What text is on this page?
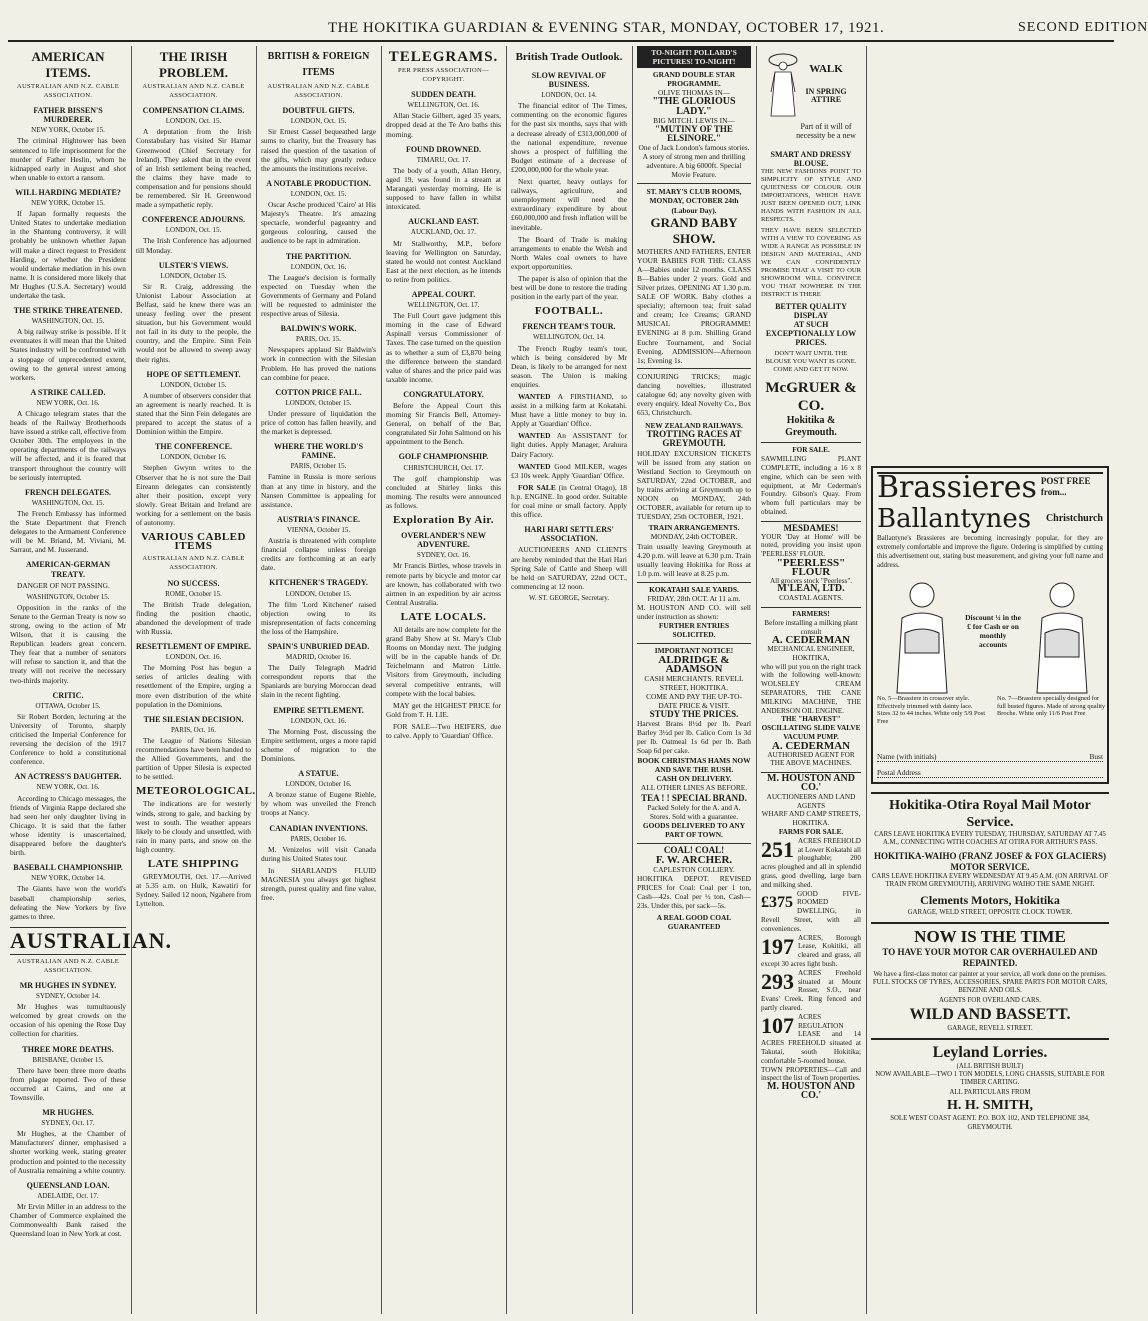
THE HOKITIKA GUARDIAN & EVENING STAR, MONDAY, OCTOBER 17, 1921.	SECOND EDITION
AMERICAN ITEMS.
AUSTRALIAN AND N.Z. CABLE ASSOCIATION.
FATHER BISSEN'S MURDERER.
NEW YORK, October 15.

The criminal Hightower has been sentenced to life imprisonment for the murder of Father Heslin, whom he kidnapped early in August and shot when unable to extort a ransom.

WILL HARDING MEDIATE?
NEW YORK, October 15.

If Japan formally requests the United States to undertake mediation in the Shantung controversy, it will probably be unknown whether Japan will make a direct request to President Harding, or whether the President would undertake mediation in his own name. It is considered more likely that Mr Hughes (U.S.A. Secretary) would undertake the task.

THE STRIKE THREATENED.
WASHINGTON, Oct. 15.

A big railway strike is possible. If it eventuates it will mean that the United States industry will be confronted with a stoppage of unprecedented extent, owing to the general unrest among workers.

A STRIKE CALLED.
NEW YORK, Oct. 16.

A Chicago telegram states that the heads of the Railway Brotherhoods have issued a strike call, effective from October 30th. The employees in the operating departments of the railways will be affected, and it is feared that transport throughout the country will be seriously interrupted.

FRENCH DELEGATES.
WASHINGTON, Oct. 15.

The French Embassy has informed the State Department that French delegates to the Armament Conference will be M. Briand, M. Viviani, M. Sarraut, and M. Jusserand.

AMERICAN-GERMAN TREATY.

DANGER OF NOT PASSING.

WASHINGTON, October 15.

Opposition in the ranks of the Senate to the German Treaty is now so strong, owing to the action of Mr Wilson, that it is causing the Republican leaders great concern. They fear that a number of senators will refuse to sanction it, and that the treaty will not receive the necessary two-thirds majority.

CRITIC.
OTTAWA, October 15.

Sir Robert Borden, lecturing at the University of Toronto, sharply criticised the Imperial Conference for reversing the decision of the 1917 Conference to hold a constitutional conference.

AN ACTRESS'S DAUGHTER.
NEW YORK, Oct. 16.

According to Chicago messages, the friends of Virginia Rappe declared she had seen her only daughter living in Chicago. It is said that the father whose identity is unascertained, disappeared before the daughter's birth.

BASEBALL CHAMPIONSHIP.
NEW YORK, October 14.

The Giants have won the world's baseball championship series, defeating the New Yorkers by five games to three.

AUSTRALIAN.
AUSTRALIAN AND N.Z. CABLE ASSOCIATION.
MR HUGHES IN SYDNEY.
SYDNEY, October 14.

Mr Hughes was tumultuously welcomed by great crowds on the occasion of his opening the Rose Day collection for charities.

THREE MORE DEATHS.
BRISBANE, October 15.

There have been three more deaths from plague reported. Two of these occurred at Cairns, and one at Townsville.

MR HUGHES.
SYDNEY, Oct. 17.

Mr Hughes, at the Chamber of Manufacturers' dinner, emphasised a shorter working week, stating greater production and pointed to the necessity of Australia remaining a white country.

QUEENSLAND LOAN.
ADELAIDE, Oct. 17.

Mr Ervin Miller in an address to the Chamber of Commerce explained the Commonwealth Bank raised the Queensland loan in New York at cost.

THE IRISH PROBLEM.
AUSTRALIAN AND N.Z. CABLE ASSOCIATION.
COMPENSATION CLAIMS.
LONDON, Oct. 15.

A deputation from the Irish Constabulary has visited Sir Hamar Greenwood (Chief Secretary for Ireland). They asked that in the event of an Irish settlement being reached, the claims they have made to compensation and for pensions should be remembered. Sir H. Greenwood made a sympathetic reply.

CONFERENCE ADJOURNS.
LONDON, Oct. 15.

The Irish Conference has adjourned till Monday.

ULSTER'S VIEWS.
LONDON, October 15.

Sir R. Craig, addressing the Unionist Labour Association at Belfast, said he knew there was an uneasy feeling over the present situation, but his Government would not fail in its duty to the people, the country, and the Empire. Sinn Fein would not be allowed to sweep away their rights.

HOPE OF SETTLEMENT.
LONDON, October 15.

A number of observers consider that an agreement is nearly reached. It is stated that the Sinn Fein delegates are prepared to accept the status of a Dominion within the Empire.

THE CONFERENCE.
LONDON, October 16.

Stephen Gwynn writes to the Observer that he is not sure the Dail Eireann delegates can consistently alter their position, except very slowly. Great Britain and Ireland are working for a settlement on the basis of autonomy.

VARIOUS CABLED ITEMS
AUSTRALIAN AND N.Z. CABLE ASSOCIATION.
NO SUCCESS.
ROME, October 15.

The British Trade delegation, finding the position chaotic, abandoned the development of trade with Russia.

RESETTLEMENT OF EMPIRE.
LONDON, Oct. 16.

The Morning Post has begun a series of articles dealing with resettlement of the Empire, urging a more even distribution of the white population in the Dominions.

THE SILESIAN DECISION.
PARIS, Oct. 16.

The League of Nations Silesian recommendations have been handed to the Allied Governments, and the partition of Upper Silesia is expected to be settled.

METEOROLOGICAL.

The indications are for westerly winds, strong to gale, and backing by west to south. The weather appears likely to be cloudy and unsettled, with rain in many parts, and snow on the high country.

LATE SHIPPING

GREYMOUTH, Oct. 17.—Arrived at 5.35 a.m. on Hulk, Kawatiri for Sydney. Sailed 12 noon, Ngahere from Lyttelton.

BRITISH & FOREIGN ITEMS
AUSTRALIAN AND N.Z. CABLE ASSOCIATION.
DOUBTFUL GIFTS.
LONDON, Oct. 15.

Sir Ernest Cassel bequeathed large sums to charity, but the Treasury has raised the question of the taxation of the gifts, which may greatly reduce the amounts the institutions receive.

A NOTABLE PRODUCTION.
LONDON, Oct. 15.

Oscar Asche produced 'Cairo' at His Majesty's Theatre. It's amazing spectacle, wonderful pageantry and gorgeous colouring, caused the audience to be rapt in admiration.

THE PARTITION.
LONDON, Oct. 16.

The League's decision is formally expected on Tuesday when the Governments of Germany and Poland will be requested to administer the respective areas of Silesia.

BALDWIN'S WORK.
PARIS, Oct. 15.

Newspapers applaud Sir Baldwin's work in connection with the Silesian Problem. He has proved the nations can combine for peace.

COTTON PRICE FALL.
LONDON, October 15.

Under pressure of liquidation the price of cotton has fallen heavily, and the market is depressed.

WHERE THE WORLD'S FAMINE.
PARIS, October 15.

Famine in Russia is more serious than at any time in history, and the Nansen Committee is appealing for assistance.

AUSTRIA'S FINANCE.
VIENNA, October 15.

Austria is threatened with complete financial collapse unless foreign credits are forthcoming at an early date.

KITCHENER'S TRAGEDY.
LONDON, October 15.

The film 'Lord Kitchener' raised objection owing to its misrepresentation of facts concerning the loss of the Hampshire.

SPAIN'S UNBURIED DEAD.
MADRID, October 16.

The Daily Telegraph Madrid correspondent reports that the Spaniards are burying Moroccan dead slain in the recent fighting.

EMPIRE SETTLEMENT.
LONDON, Oct. 16.

The Morning Post, discussing the Empire settlement, urges a more rapid scheme of migration to the Dominions.

A STATUE.
LONDON, October 16.

A bronze statue of Eugene Riehle, by whom was unveiled the French troops at Nancy.

CANADIAN INVENTIONS.
PARIS, October 16.

M. Venizelos will visit Canada during his United States tour.

In SHARLAND'S FLUID MAGNESIA you always get highest strength, purest quality and fine value, free.

TELEGRAMS.
PER PRESS ASSOCIATION—COPYRIGHT.
SUDDEN DEATH.
WELLINGTON, Oct. 16.

Allan Stacie Gilbert, aged 35 years, dropped dead at the Te Aro baths this morning.

FOUND DROWNED.
TIMARU, Oct. 17.

The body of a youth, Allan Henry, aged 19, was found in a stream at Marangati yesterday morning. He is supposed to have fallen in whilst intoxicated.

AUCKLAND EAST.
AUCKLAND, Oct. 17.

Mr Stallworthy, M.P., before leaving for Wellington on Saturday, stated he would not contest Auckland East at the next election, as he intends to retire from politics.

APPEAL COURT.
WELLINGTON, Oct. 17.

The Full Court gave judgment this morning in the case of Edward Aspinall versus Commissioner of Taxes. The case turned on the question as to whether a sum of £3,870 being the difference between the standard value of shares and the price paid was taxable income.

CONGRATULATORY.

Before the Appeal Court this morning Sir Francis Bell, Attorney-General, on behalf of the Bar, congratulated Sir John Salmond on his appointment to the Bench.

GOLF CHAMPIONSHIP.
CHRISTCHURCH, Oct. 17.

The golf championship was concluded at Shirley links this morning. The results were announced as follows.

Exploration By Air.
OVERLANDER'S NEW ADVENTURE.
SYDNEY, Oct. 16.

Mr Francis Birtles, whose travels in remote parts by bicycle and motor car are known, has collaborated with two airmen in an expedition by air across Central Australia.

LATE LOCALS.

All details are now complete for the grand Baby Show at St. Mary's Club Rooms on Monday next. The judging will be in the capable hands of Dr. Teichelmann and Matron Little. Visitors from Greymouth, including several competitive entrants, will compete with the local babies.

MAY get the HIGHEST PRICE for Gold from T. H. LIE.

FOR SALE—Two HEIFERS, due to calve. Apply to 'Guardian' Office.

British Trade Outlook.
SLOW REVIVAL OF BUSINESS.
LONDON, Oct. 14.

The financial editor of The Times, commenting on the economic figures for the past six months, says that with a decrease already of £313,000,000 of the national expenditure, revenue shows a prospect of fulfilling the Budget estimate of a decrease of £200,000,000 for the whole year.

Next quarter, heavy outlays for railways, agriculture, and unemployment will need the extraordinary expenditure by about £60,000,000 and fresh inflation will be inevitable.

The Board of Trade is making arrangements to enable the Welsh and North Wales coal owners to have export opportunities.

The paper is also of opinion that the best will be done to restore the trading position in the early part of the year.

FOOTBALL.
FRENCH TEAM'S TOUR.
WELLINGTON, Oct. 14.

The French Rugby team's tour, which is being considered by Mr Dean, is likely to be arranged for next season. The Union is making enquiries.

WANTED A FIRSTHAND, to assist in a milking farm at Kokatahi. Must have a little money to buy in. Apply at 'Guardian' Office.

WANTED An ASSISTANT for light duties. Apply Manager, Arahura Dairy Factory.

WANTED Good MILKER, wages £3 10s week. Apply 'Guardian' Office.

FOR SALE (in Central Otago), 18 h.p. ENGINE. In good order. Suitable for coal mine or small factory. Apply this office.

HARI HARI SETTLERS' ASSOCIATION.

AUCTIONEERS AND CLIENTS are hereby reminded that the Hari Hari Spring Sale of Cattle and Sheep will be held on SATURDAY, 22nd OCT., commencing at 12 noon.

W. ST. GEORGE, Secretary.
TO-NIGHT! POLLARD'S PICTURES! TO-NIGHT!
GRAND DOUBLE STAR PROGRAMME.
OLIVE THOMAS IN—
"THE GLORIOUS LADY."
BIG MITCH. LEWIS IN—
"MUTINY OF THE ELSINORE."
One of Jack London's famous stories. A story of strong men and thrilling adventure. A big 6000ft. Special Movie Feature.
ST. MARY'S CLUB ROOMS, MONDAY, OCTOBER 24th (Labour Day).
GRAND BABY SHOW.
MOTHERS AND FATHERS, ENTER YOUR BABIES FOR THE: CLASS A—Babies under 12 months. CLASS B—Babies under 2 years. Gold and Silver prizes. OPENING AT 1.30 p.m. SALE OF WORK. Baby clothes a specialty; afternoon tea; fruit salad and cream; Ice Creams; GRAND MUSICAL PROGRAMME! EVENING at 8 p.m. Shilling Grand Euchre Tournament, and Social Evening. ADMISSION—Afternoon 1s; Evening 1s.
CONJURING TRICKS; magic dancing novelties, illustrated catalogue 6d; any novelty given with every enquiry. Ideal Novelty Co., Box 653, Christchurch.
NEW ZEALAND RAILWAYS.
TROTTING RACES AT GREYMOUTH.
HOLIDAY EXCURSION TICKETS will be issued from any station on Westland Section to Greymouth on SATURDAY, 22nd OCTOBER, and by trains arriving at Greymouth up to NOON on MONDAY, 24th OCTOBER, available for return up to TUESDAY, 25th OCTOBER, 1921.
TRAIN ARRANGEMENTS.
MONDAY, 24th OCTOBER.
Train usually leaving Greymouth at 4.20 p.m. will leave at 6.30 p.m. Train usually leaving Hokitika for Ross at 1.0 p.m. will leave at 8.25 p.m.
KOKATAHI SALE YARDS.
FRIDAY, 28th OCT. At 11 a.m.
M. HOUSTON AND CO. will sell under instruction as shown:
FURTHER ENTRIES SOLICITED.
IMPORTANT NOTICE!
ALDRIDGE & ADAMSON
CASH MERCHANTS. REVELL STREET, HOKITIKA.
COME AND PAY THE UP-TO-DATE PRICE & VISIT.
STUDY THE PRICES.
Harvest Brans 8½d per lb. Pearl Barley 3½d per lb. Calico Corn 1s 3d per lb. Oatmeal 1s 6d per lb. Bath Soap 6d per cake.
BOOK CHRISTMAS HAMS NOW AND SAVE THE RUSH.
CASH ON DELIVERY.
ALL OTHER LINES AS BEFORE.
TEA ! ! SPECIAL BRAND.
Packed Solely for the A. and A. Stores. Sold with a guarantee.
GOODS DELIVERED TO ANY PART OF TOWN.
COAL! COAL!
F. W. ARCHER.
CAPLESTON COLLIERY.
HOKITIKA DEPOT. REVISED PRICES for Coal: Coal per 1 ton, Cash—42s. Coal per ½ ton, Cash—23s. Under this, per sack—5s.
A REAL GOOD COAL GUARANTEED
WALK
IN SPRING ATTIRE
Part of it will of necessity be a new
SMART AND DRESSY BLOUSE.
THE NEW FASHIONS POINT TO SIMPLICITY OF STYLE AND QUIETNESS OF COLOUR. OUR IMPORTATIONS, WHICH HAVE JUST BEEN OPENED OUT, LINK HANDS WITH FASHION IN ALL RESPECTS.
THEY HAVE BEEN SELECTED WITH A VIEW TO COVERING AS WIDE A RANGE AS POSSIBLE IN DESIGN AND MATERIAL, AND WE CAN CONFIDENTLY PROMISE THAT A VISIT TO OUR SHOWROOM WILL CONVINCE YOU THAT NOWHERE IN THE DISTRICT IS THERE
BETTER QUALITY DISPLAY
AT SUCH
EXCEPTIONALLY LOW PRICES.
DON'T WAIT UNTIL THE BLOUSE YOU WANT IS GONE. COME AND GET IT NOW.
McGRUER & CO.
Hokitika & Greymouth.
FOR SALE.
SAWMILLING PLANT COMPLETE, including a 16 x 8 engine, which can be seen with equipment, at Mr Cederman's Foundry. Gibson's Quay. From whom full particulars may be obtained.
MESDAMES!
YOUR 'Day at Home' will be noted, providing you insist upon 'PEERLESS' FLOUR.
"PEERLESS" FLOUR
All grocers stock "Peerless".
M'LEAN, LTD.
COASTAL AGENTS.
FARMERS!
Before installing a milking plant consult
A. CEDERMAN
MECHANICAL ENGINEER, HOKITIKA,
who will put you on the right track with the following well-known: WOLSELEY CREAM SEPARATORS, THE CANE MILKING MACHINE, THE ANDERSON OIL ENGINE.
THE "HARVEST" OSCILLATING SLIDE VALVE VACUUM PUMP.
A. CEDERMAN
AUTHORISED AGENT FOR THE ABOVE MACHINES.
M. HOUSTON AND CO.'
AUCTIONEERS AND LAND AGENTS
WHARF AND CAMP STREETS, HOKITIKA.
FARMS FOR SALE.
251 ACRES FREEHOLD at Lower Kokatahi all ploughable; 200 acres ploughed and all in splendid grass, good dwelling, large barn and milking shed.
£375 GOOD FIVE-ROOMED DWELLING, in Revell Street, with all conveniences.
197 ACRES, Borough Lease, Kokitiki, all cleared and grass, all except 30 acres light bush.
293 ACRES Freehold situated at Mount Rosser, S.O., near Evans' Creek. Ring fenced and partly cleared.
107 ACRES REGULATION LEASE and 14 ACRES FREEHOLD situated at Takutai, south Hokitika; comfortable 5-roomed house.
TOWN PROPERTIES—Call and inspect the list of Town properties.
M. HOUSTON AND CO.'
Brassieres POST FREE from...
Ballantynes Christchurch
Ballantyne's Brassieres are becoming increasingly popular, for they are extremely comfortable and improve the figure. Ordering is simplified by cutting this advertisement out, stating bust measurement, and giving your full name and address.
Discount ¼ in the £ for Cash or on monthly accounts
No. 5—Brassiere in crossover style. Effectively trimmed with dainty lace. Sizes 32 to 44 inches. White only 5/9 Post Free
No. 7—Brassiere specially designed for full busted figures. Made of strong quality Broche. White only 11/6 Post Free
Name (with initials)	Bust
Postal Address
Hokitika-Otira Royal Mail Motor Service.
CARS LEAVE HOKITIKA EVERY TUESDAY, THURSDAY, SATURDAY AT 7.45 A.M., CONNECTING WITH COACHES AT OTIRA FOR ARTHUR'S PASS.
HOKITIKA-WAIHO (FRANZ JOSEF & FOX GLACIERS) MOTOR SERVICE.
CARS LEAVE HOKITIKA EVERY WEDNESDAY AT 9.45 A.M. (ON ARRIVAL OF TRAIN FROM GREYMOUTH), ARRIVING WAIHO THE SAME NIGHT.
Clements Motors, Hokitika
GARAGE, WELD STREET, OPPOSITE CLOCK TOWER.
NOW IS THE TIME
TO HAVE YOUR MOTOR CAR OVERHAULED AND REPAINTED.
We have a first-class motor car painter at your service, all work done on the premises.
FULL STOCKS OF TYRES, ACCESSORIES, SPARE PARTS FOR MOTOR CARS, BENZINE AND OILS.
AGENTS FOR OVERLAND CARS.
WILD AND BASSETT.
GARAGE, REVELL STREET.
Leyland Lorries.
(ALL BRITISH BUILT)
NOW AVAILABLE—TWO 1 TON MODELS, LONG CHASSIS, SUITABLE FOR TIMBER CARTING.
ALL PARTICULARS FROM
H. H. SMITH,
SOLE WEST COAST AGENT. P.O. BOX 102, AND TELEPHONE 384, GREYMOUTH.
